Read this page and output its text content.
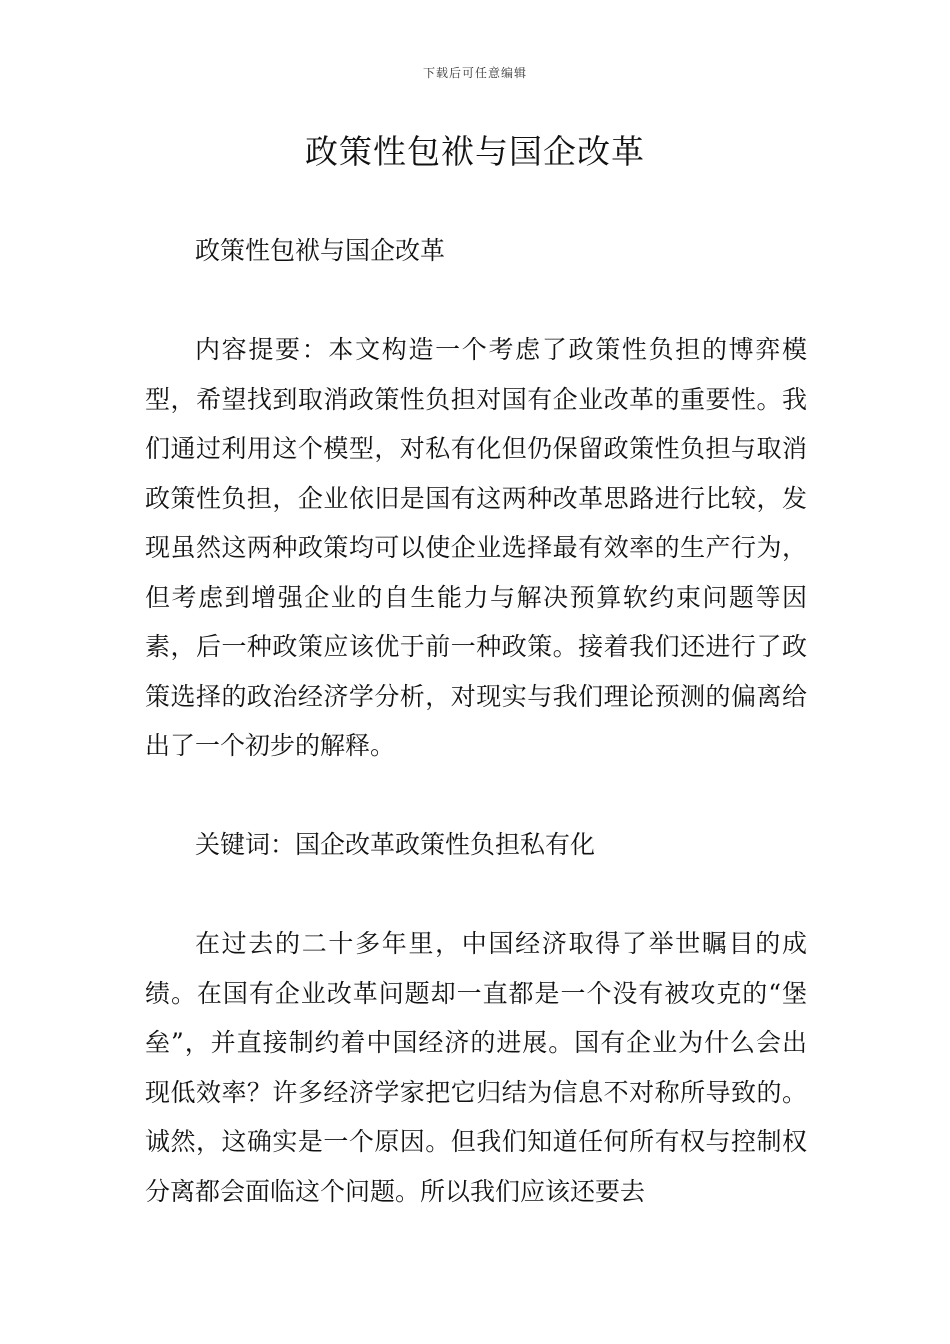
下载后可任意编辑
政策性包袱与国企改革

政策性包袱与国企改革

内容提要：本文构造一个考虑了政策性负担的博弈模型，希望找到取消政策性负担对国有企业改革的重要性。我们通过利用这个模型，对私有化但仍保留政策性负担与取消政策性负担，企业依旧是国有这两种改革思路进行比较，发现虽然这两种政策均可以使企业选择最有效率的生产行为，但考虑到增强企业的自生能力与解决预算软约束问题等因素，后一种政策应该优于前一种政策。接着我们还进行了政策选择的政治经济学分析，对现实与我们理论预测的偏离给出了一个初步的解释。

关键词：国企改革政策性负担私有化

在过去的二十多年里，中国经济取得了举世瞩目的成绩。在国有企业改革问题却一直都是一个没有被攻克的“堡垒”，并直接制约着中国经济的进展。国有企业为什么会出现低效率？许多经济学家把它归结为信息不对称所导致的。诚然，这确实是一个原因。但我们知道任何所有权与控制权分离都会面临这个问题。所以我们应该还要去
